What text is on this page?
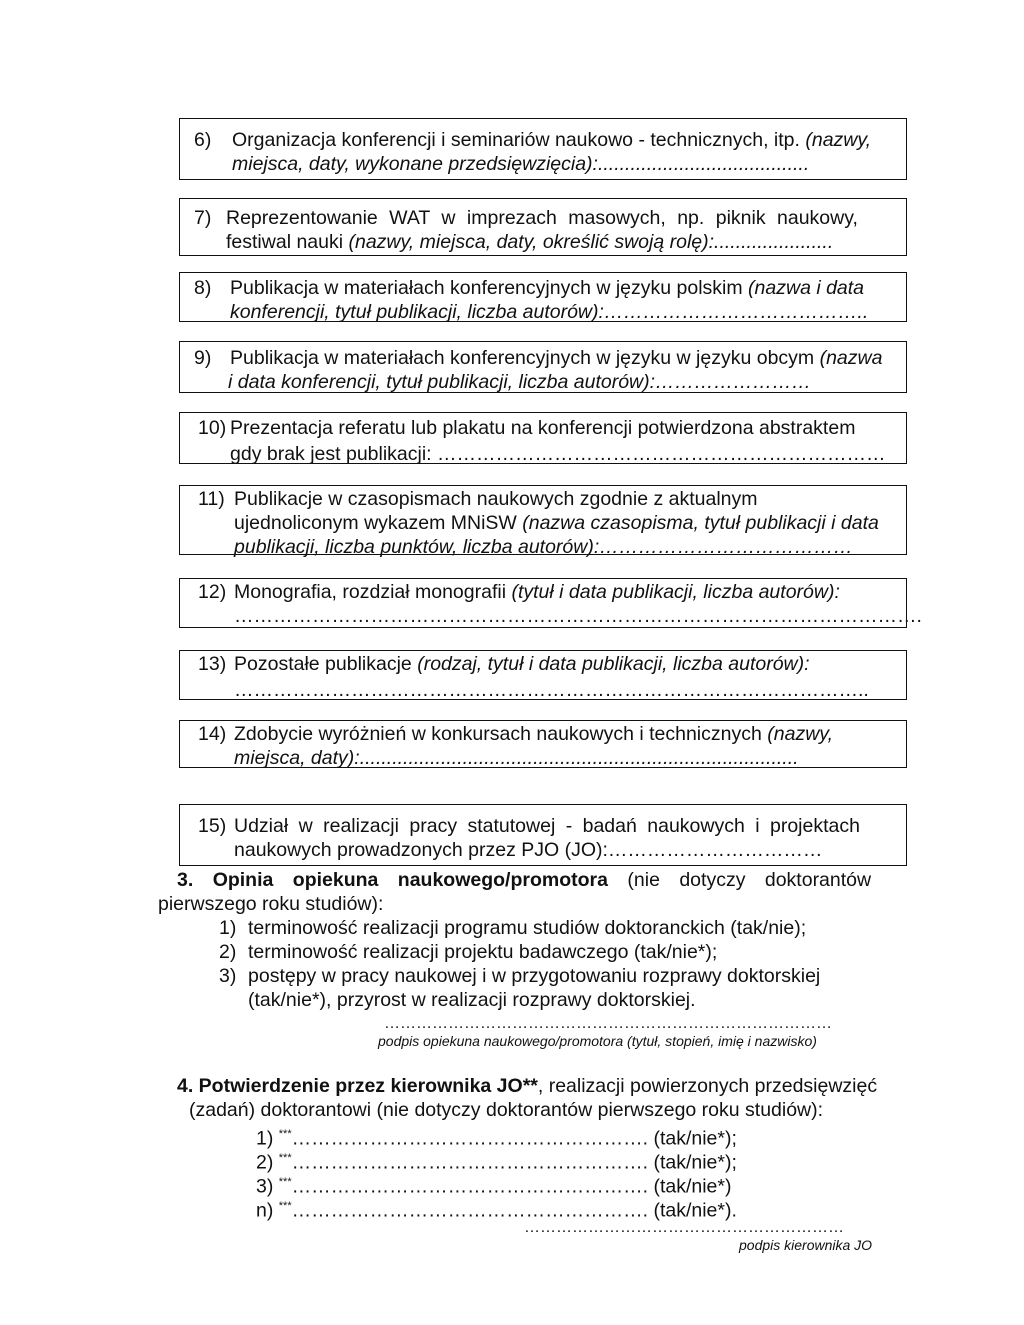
6) Organizacja konferencji i seminariów naukowo - technicznych, itp. (nazwy,
miejsca, daty, wykonane przedsięwzięcia):.......................................
7) Reprezentowanie WAT w imprezach masowych, np. piknik naukowy,
festiwal nauki (nazwy, miejsca, daty, określić swoją rolę):......................
8) Publikacja w materiałach konferencyjnych w języku polskim (nazwa i data
konferencji, tytuł publikacji, liczba autorów):…………………………………..
9) Publikacja w materiałach konferencyjnych w języku w języku obcym (nazwa
i data konferencji, tytuł publikacji, liczba autorów):……………………
10) Prezentacja referatu lub plakatu na konferencji potwierdzona abstraktem
gdy brak jest publikacji: ……………………………………………………………
11) Publikacje w czasopismach naukowych zgodnie z aktualnym
ujednoliconym wykazem MNiSW (nazwa czasopisma, tytuł publikacji i data
publikacji, liczba punktów, liczba autorów):…………………………………
12) Monografia, rozdział monografii (tytuł i data publikacji, liczba autorów):
…………………………………………………………………………………………….
13) Pozostałe publikacje (rodzaj, tytuł i data publikacji, liczba autorów):
……………………………………………………………………………………..
14) Zdobycie wyróżnień w konkursach naukowych i technicznych (nazwy,
miejsca, daty):.................................................................................
15) Udział w realizacji pracy statutowej - badań naukowych i projektach
naukowych prowadzonych przez PJO (JO):……………………………
3. Opinia opiekuna naukowego/promotora (nie dotyczy doktorantów
pierwszego roku studiów):
1) terminowość realizacji programu studiów doktoranckich (tak/nie);
2) terminowość realizacji projektu badawczego (tak/nie*);
3) postępy w pracy naukowej i w przygotowaniu rozprawy doktorskiej
(tak/nie*), przyrost w realizacji rozprawy doktorskiej.
…………………………………………………………………………
podpis opiekuna naukowego/promotora (tytuł, stopień, imię i nazwisko)
4. Potwierdzenie przez kierownika JO**, realizacji powierzonych przedsięwzięć
(zadań) doktorantowi (nie dotyczy doktorantów pierwszego roku studiów):
1) ***………………………………………………. (tak/nie*);
2) ***………………………………………………. (tak/nie*);
3) ***………………………………………………. (tak/nie*)
n) ***………………………………………………. (tak/nie*).
……………………………………………………
podpis kierownika JO
